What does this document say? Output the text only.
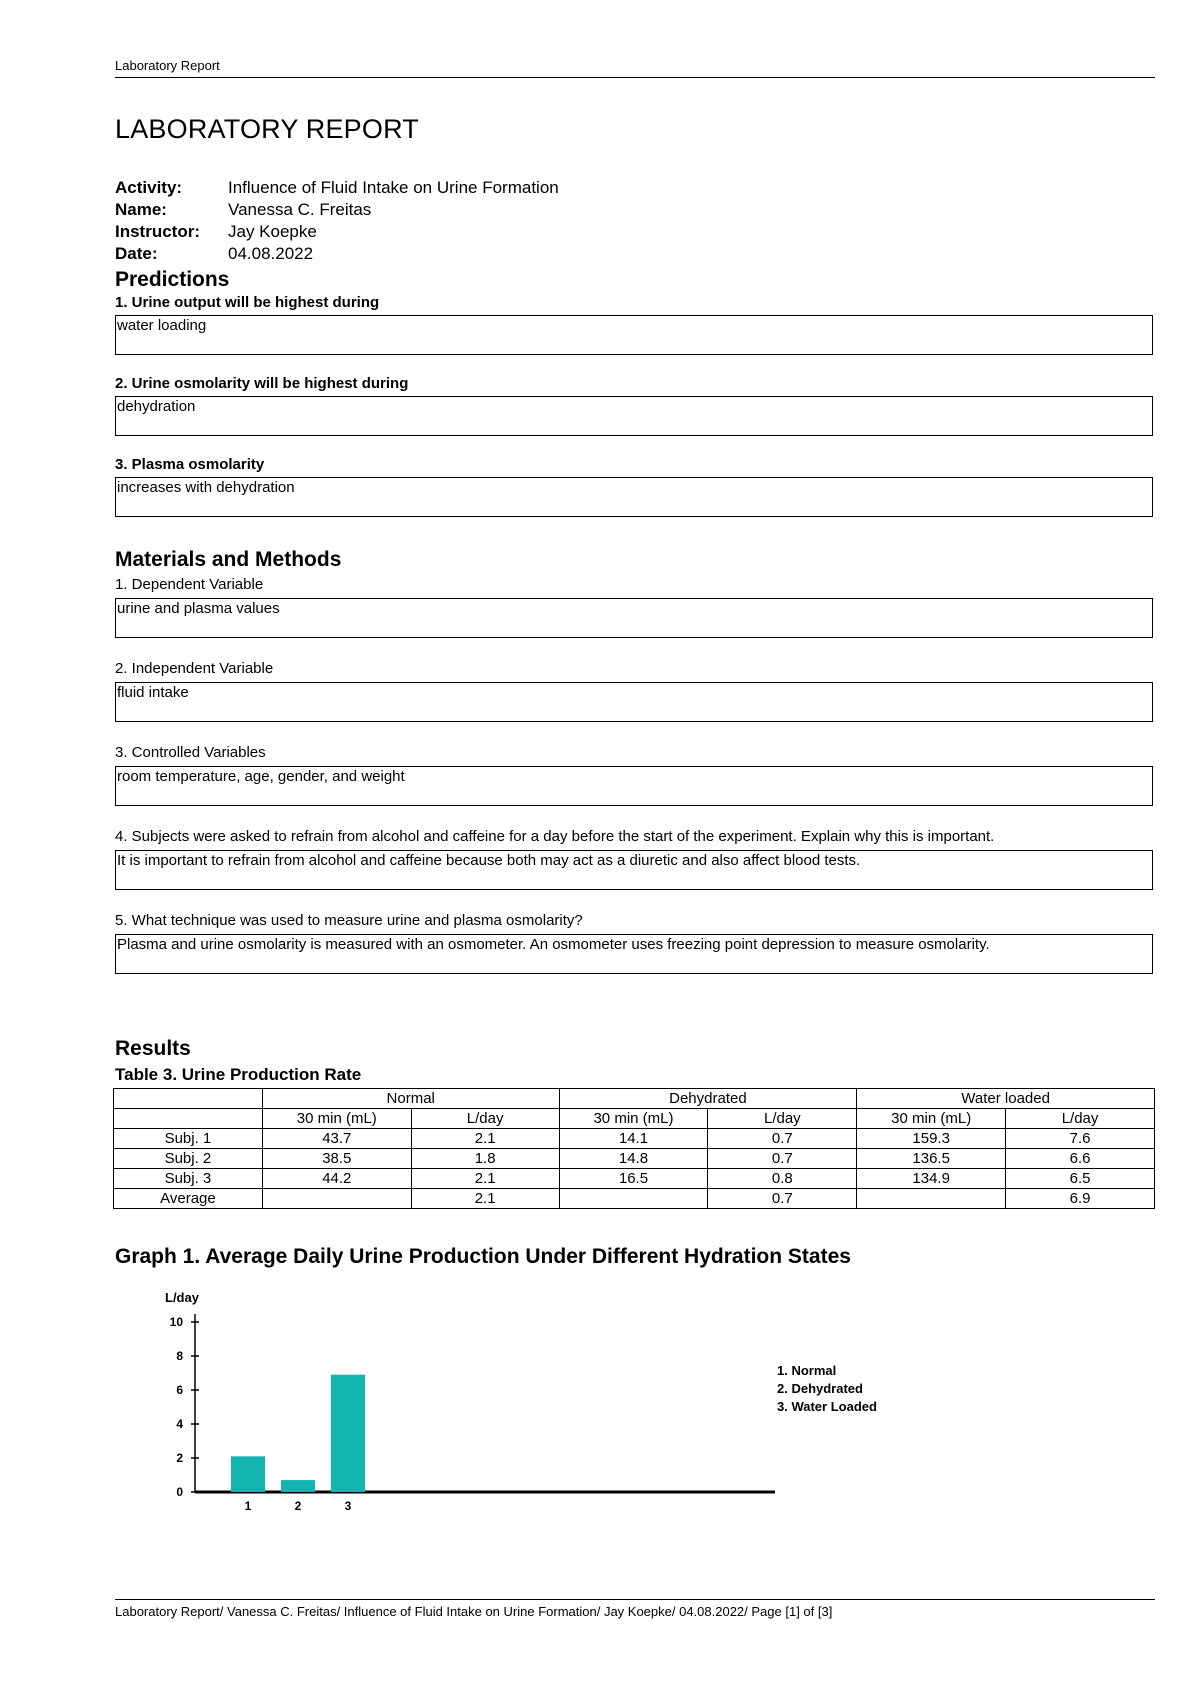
Laboratory Report
LABORATORY REPORT
Activity:	Influence of Fluid Intake on Urine Formation
Name:	Vanessa C. Freitas
Instructor:	Jay Koepke
Date:	04.08.2022
Predictions
1. Urine output will be highest during
water loading
2. Urine osmolarity will be highest during
dehydration
3. Plasma osmolarity
increases with dehydration
Materials and Methods
1. Dependent Variable
urine and plasma values
2. Independent Variable
fluid intake
3. Controlled Variables
room temperature, age, gender, and weight
4. Subjects were asked to refrain from alcohol and caffeine for a day before the start of the experiment. Explain why this is important.
It is important to refrain from alcohol and caffeine because both may act as a diuretic and also affect blood tests.
5. What technique was used to measure urine and plasma osmolarity?
Plasma and urine osmolarity is measured with an osmometer. An osmometer uses freezing point depression to measure osmolarity.
Results
Table 3. Urine Production Rate
	Normal		Dehydrated		Water loaded	
	30 min (mL)	L/day	30 min (mL)	L/day	30 min (mL)	L/day
Subj. 1	43.7	2.1	14.1	0.7	159.3	7.6
Subj. 2	38.5	1.8	14.8	0.7	136.5	6.6
Subj. 3	44.2	2.1	16.5	0.8	134.9	6.5
Average		2.1		0.7		6.9
Graph 1. Average Daily Urine Production Under Different Hydration States
L/day
0
2
4
6
8
10
1	2	3
1. Normal
2. Dehydrated
3. Water Loaded
Laboratory Report/ Vanessa C. Freitas/ Influence of Fluid Intake on Urine Formation/ Jay Koepke/ 04.08.2022/ Page [1] of [3]
